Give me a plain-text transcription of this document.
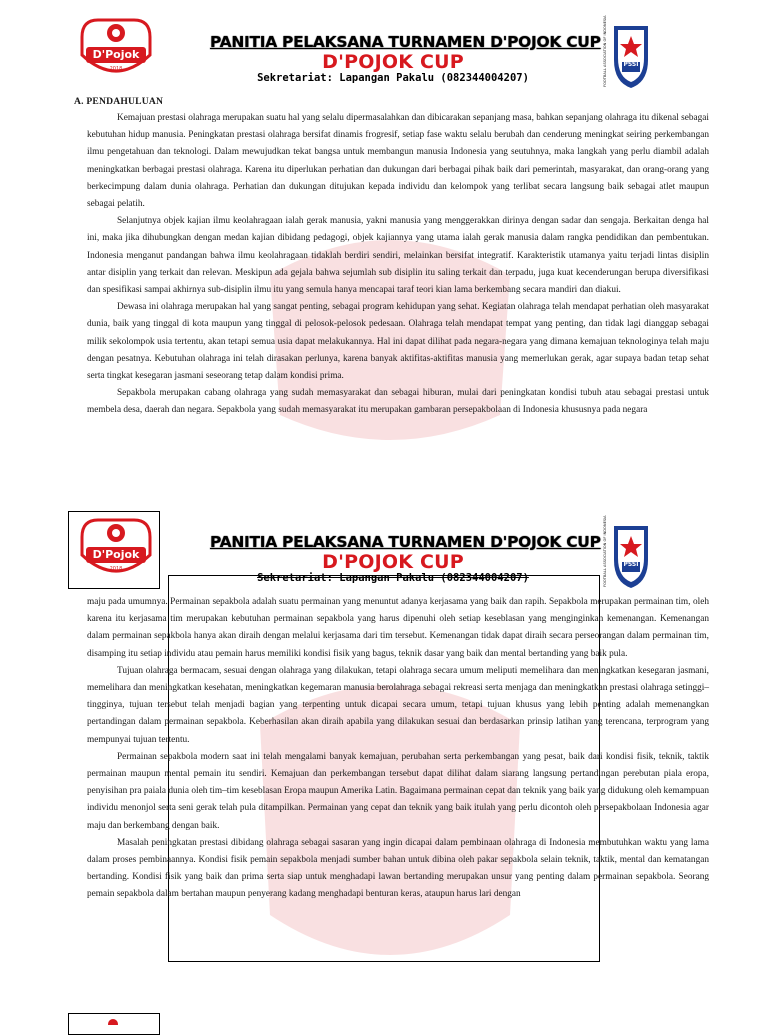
D'Pojok
2018
PANITIA PELAKSANA TURNAMEN D'POJOK CUP
D'POJOK CUP
Sekretariat: Lapangan Pakalu (082344004207)
PSSI
FOOTBALL ASSOCIATION OF INDONESIA
A. PENDAHULUAN

Kemajuan prestasi olahraga merupakan suatu hal yang selalu dipermasalahkan dan dibicarakan sepanjang masa, bahkan sepanjang olahraga itu dikenal sebagai kebutuhan hidup manusia. Peningkatan prestasi olahraga bersifat dinamis frogresif, setiap fase waktu selalu berubah dan cenderung meningkat seiring perkembangan ilmu pengetahuan dan teknologi. Dalam mewujudkan tekat bangsa untuk membangun manusia Indonesia yang seutuhnya, maka langkah yang perlu diambil adalah meningkatkan berbagai prestasi olahraga. Karena itu diperlukan perhatian dan dukungan dari berbagai pihak baik dari pemerintah, masyarakat, dan orang-orang yang berkecimpung dalam dunia olahraga. Perhatian dan dukungan ditujukan kepada individu dan kelompok yang terlibat secara langsung baik sebagai atlet maupun sebagai pelatih.

Selanjutnya objek kajian ilmu keolahragaan ialah gerak manusia, yakni manusia yang menggerakkan dirinya dengan sadar dan sengaja. Berkaitan denga hal ini, maka jika dihubungkan dengan medan kajian dibidang pedagogi, objek kajiannya yang utama ialah gerak manusia dalam rangka pendidikan dan pembentukan. Indonesia menganut pandangan bahwa ilmu keolahragaan tidaklah berdiri sendiri, melainkan bersifat integratif. Karakteristik utamanya yaitu terjadi lintas disiplin antar disiplin yang terkait dan relevan. Meskipun ada gejala bahwa sejumlah sub disiplin itu saling terkait dan terpadu, juga kuat kecenderungan berupa diversifikasi dan spesifikasi sampai akhirnya sub-disiplin ilmu itu yang semula hanya mencapai taraf teori kian lama berkembang secara mandiri dan diakui.

Dewasa ini olahraga merupakan hal yang sangat penting, sebagai program kehidupan yang sehat. Kegiatan olahraga telah mendapat perhatian oleh masyarakat dunia, baik yang tinggal di kota maupun yang tinggal di pelosok-pelosok pedesaan. Olahraga telah mendapat tempat yang penting, dan tidak lagi dianggap sebagai milik sekolompok usia tertentu, akan tetapi semua usia dapat melakukannya. Hal ini dapat dilihat pada negara-negara yang dimana kemajuan teknologinya telah maju dengan pesatnya. Kebutuhan olahraga ini telah dirasakan perlunya, karena banyak aktifitas-aktifitas manusia yang memerlukan gerak, agar supaya badan tetap sehat serta tingkat kesegaran jasmani seseorang tetap dalam kondisi prima.

Sepakbola merupakan cabang olahraga yang sudah memasyarakat dan sebagai hiburan, mulai dari peningkatan kondisi tubuh atau sebagai prestasi untuk membela desa, daerah dan negara. Sepakbola yang sudah memasyarakat itu merupakan gambaran persepakbolaan di Indonesia khususnya pada negara

D'Pojok
2018
PANITIA PELAKSANA TURNAMEN D'POJOK CUP
D'POJOK CUP
Sekretariat: Lapangan Pakalu (082344004207)
PSSI
FOOTBALL ASSOCIATION OF INDONESIA

maju pada umumnya. Permainan sepakbola adalah suatu permainan yang menuntut adanya kerjasama yang baik dan rapih. Sepakbola merupakan permainan tim, oleh karena itu kerjasama tim merupakan kebutuhan permainan sepakbola yang harus dipenuhi oleh setiap keseblasan yang menginginkan kemenangan. Kemenangan dalam permainan sepakbola hanya akan diraih dengan melalui kerjasama dari tim tersebut. Kemenangan tidak dapat diraih secara perseorangan dalam permainan tim, disamping itu setiap individu atau pemain harus memiliki kondisi fisik yang bagus, teknik dasar yang baik dan mental bertanding yang baik pula.

Tujuan olahraga bermacam, sesuai dengan olahraga yang dilakukan, tetapi olahraga secara umum meliputi memelihara dan meningkatkan kesegaran jasmani, memelihara dan meningkatkan kesehatan, meningkatkan kegemaran manusia berolahraga sebagai rekreasi serta menjaga dan meningkatkan prestasi olahraga setinggi–tingginya, tujuan tersebut telah menjadi bagian yang terpenting untuk dicapai secara umum, tetapi tujuan khusus yang lebih penting adalah memenangkan pertandingan dalam permainan sepakbola. Keberhasilan akan diraih apabila yang dilakukan sesuai dan berdasarkan prinsip latihan yang terencana, terprogram yang mempunyai tujuan tertentu.

Permainan sepakbola modern saat ini telah mengalami banyak kemajuan, perubahan serta perkembangan yang pesat, baik dari kondisi fisik, teknik, taktik permainan maupun mental pemain itu sendiri. Kemajuan dan perkembangan tersebut dapat dilihat dalam siarang langsung pertandingan perebutan piala eropa, penyisihan pra paiala dunia oleh tim–tim keseblasan Eropa maupun Amerika Latin. Bagaimana permainan cepat dan teknik yang baik yang didukung oleh kemampuan individu menonjol serta seni gerak telah pula ditampilkan. Permainan yang cepat dan teknik yang baik itulah yang perlu dicontoh oleh persepakbolaan Indonesia agar maju dan berkembang dengan baik.

Masalah peningkatan prestasi dibidang olahraga sebagai sasaran yang ingin dicapai dalam pembinaan olahraga di Indonesia membutuhkan waktu yang lama dalam proses pembinaannya. Kondisi fisik pemain sepakbola menjadi sumber bahan untuk dibina oleh pakar sepakbola selain teknik, taktik, mental dan kematangan bertanding. Kondisi fisik yang baik dan prima serta siap untuk menghadapi lawan bertanding merupakan unsur yang penting dalam permainan sepakbola. Seorang pemain sepakbola dalam bertahan maupun penyerang kadang menghadapi benturan keras, ataupun harus lari dengan
